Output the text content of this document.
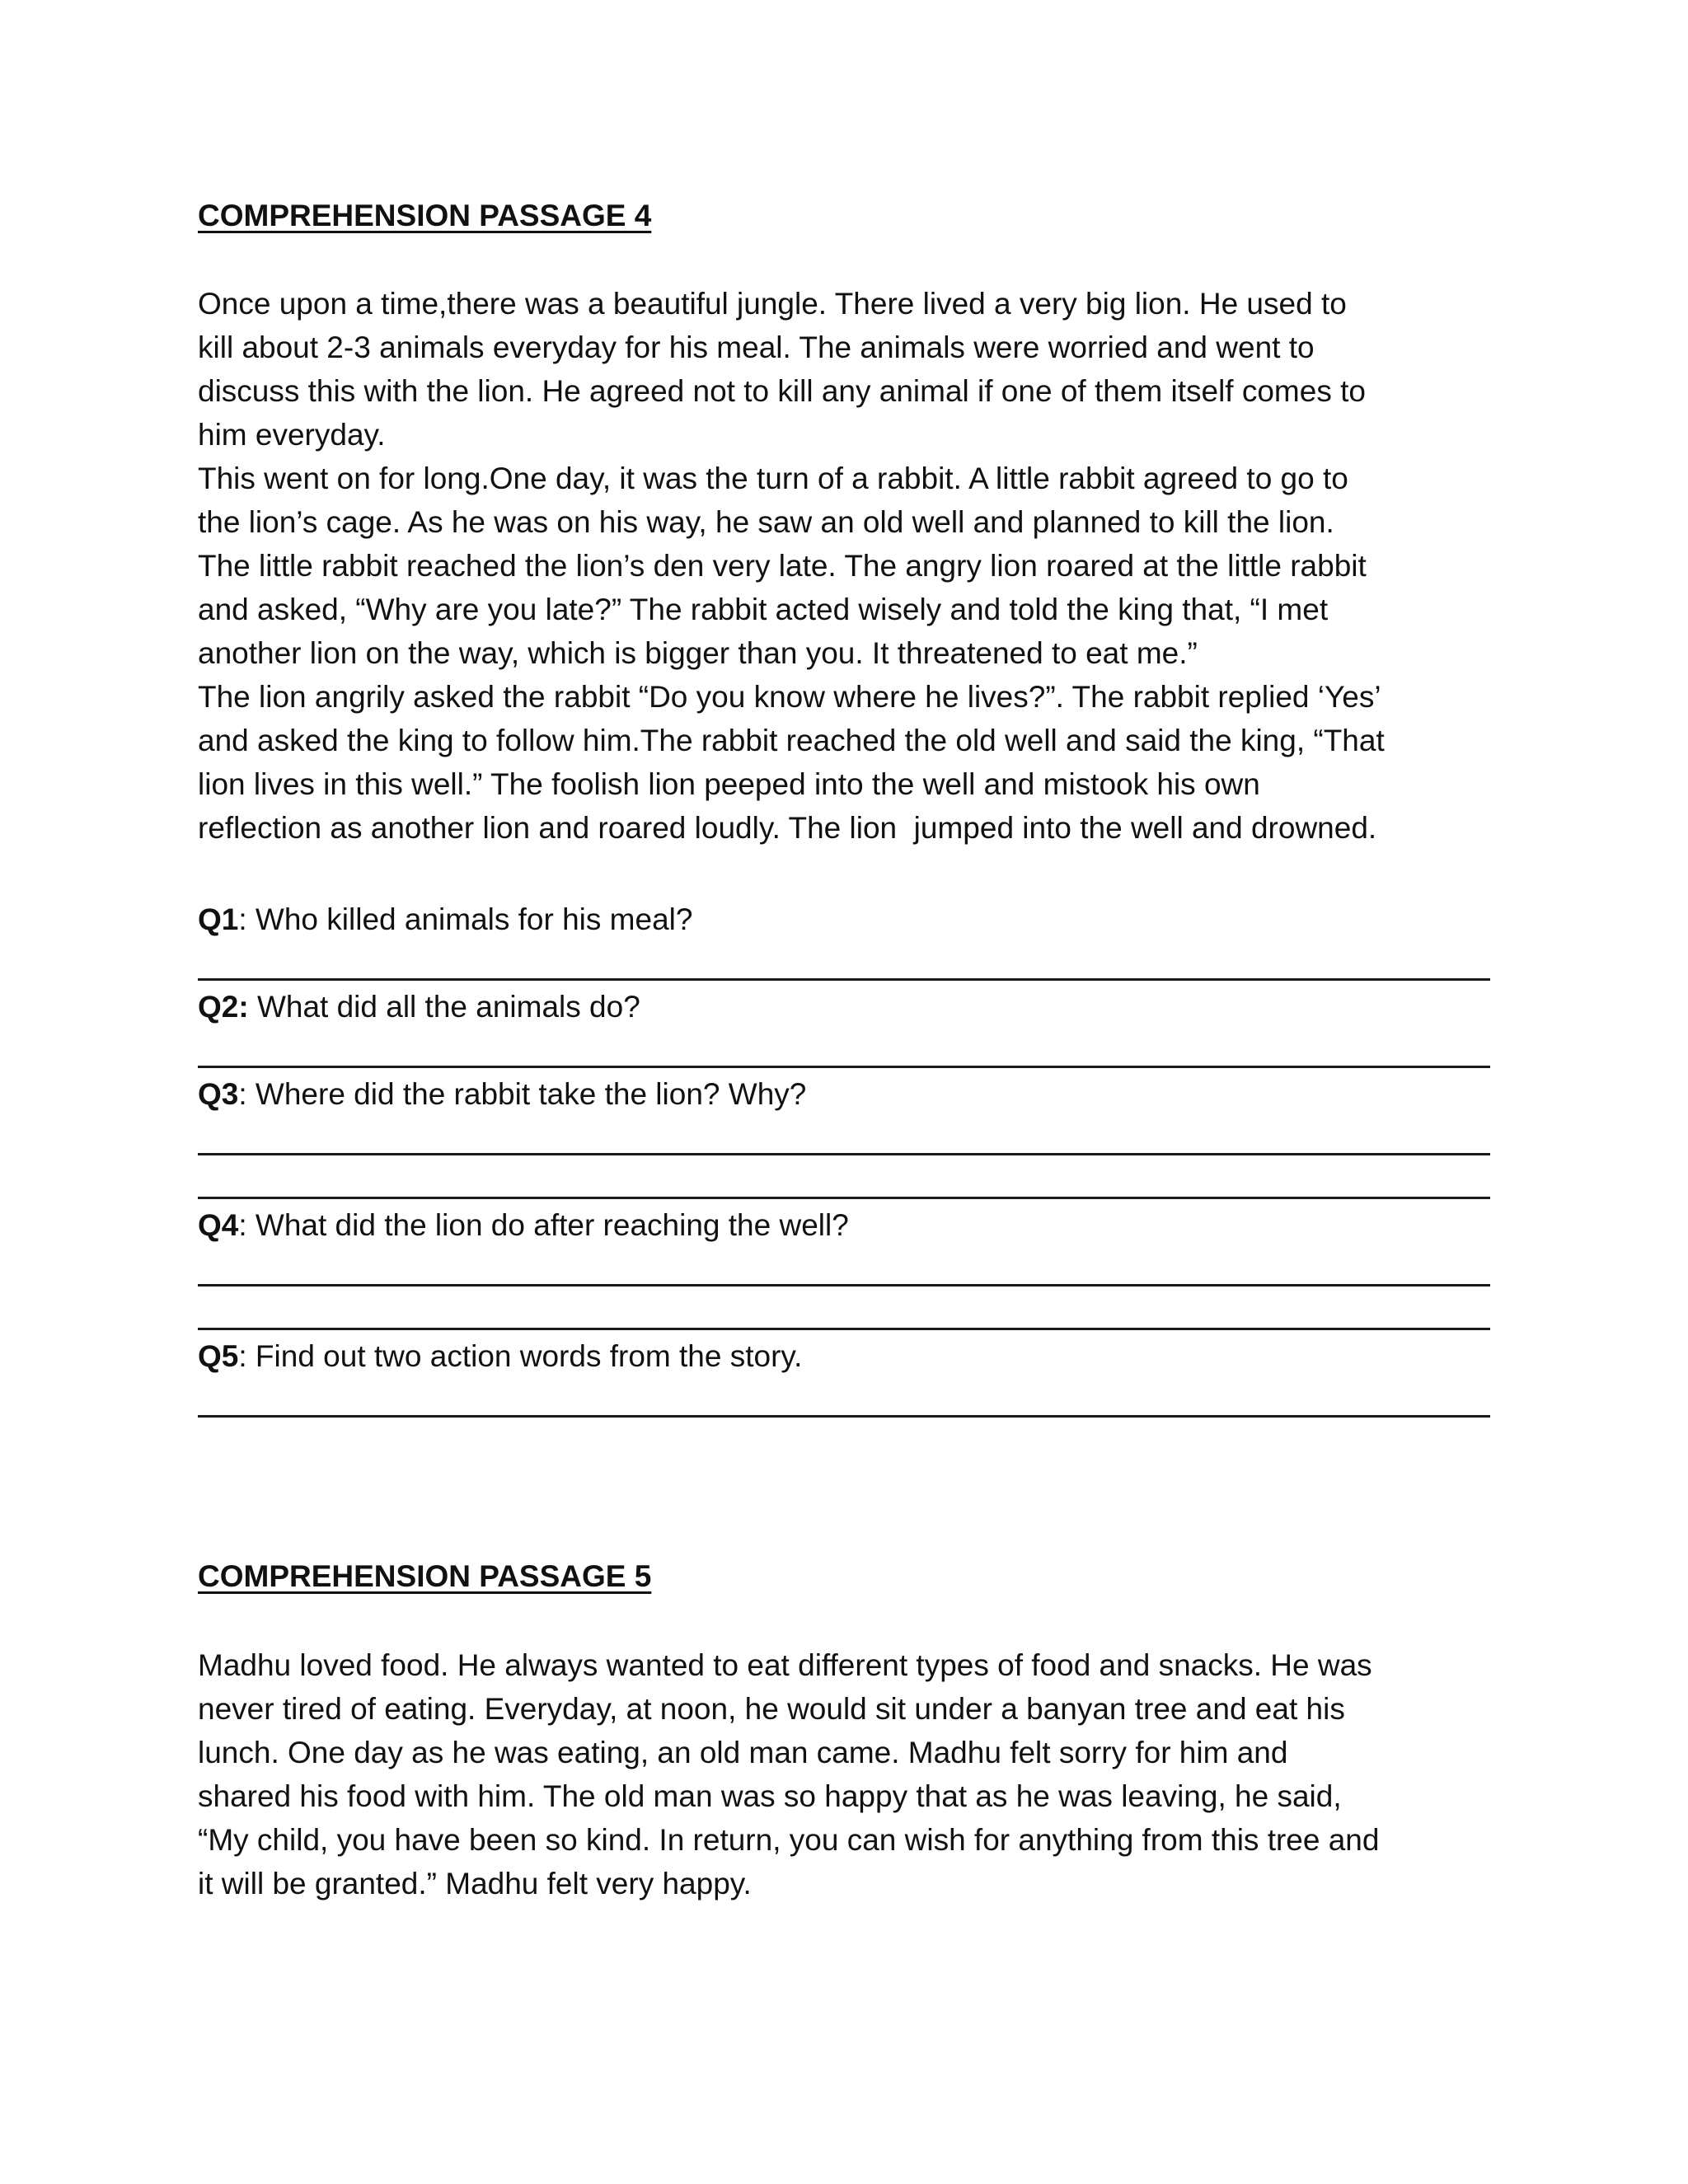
COMPREHENSION PASSAGE 4
Once upon a time,there was a beautiful jungle. There lived a very big lion. He used to
kill about 2-3 animals everyday for his meal. The animals were worried and went to
discuss this with the lion. He agreed not to kill any animal if one of them itself comes to
him everyday.
This went on for long.One day, it was the turn of a rabbit. A little rabbit agreed to go to
the lion’s cage. As he was on his way, he saw an old well and planned to kill the lion.
The little rabbit reached the lion’s den very late. The angry lion roared at the little rabbit
and asked, “Why are you late?” The rabbit acted wisely and told the king that, “I met
another lion on the way, which is bigger than you. It threatened to eat me.”
The lion angrily asked the rabbit “Do you know where he lives?”. The rabbit replied ‘Yes’
and asked the king to follow him.The rabbit reached the old well and said the king, “That
lion lives in this well.” The foolish lion peeped into the well and mistook his own
reflection as another lion and roared loudly. The lion  jumped into the well and drowned.
Q1: Who killed animals for his meal?
Q2: What did all the animals do?
Q3: Where did the rabbit take the lion? Why?
Q4: What did the lion do after reaching the well?
Q5: Find out two action words from the story.
COMPREHENSION PASSAGE 5
Madhu loved food. He always wanted to eat different types of food and snacks. He was
never tired of eating. Everyday, at noon, he would sit under a banyan tree and eat his
lunch. One day as he was eating, an old man came. Madhu felt sorry for him and
shared his food with him. The old man was so happy that as he was leaving, he said,
“My child, you have been so kind. In return, you can wish for anything from this tree and
it will be granted.” Madhu felt very happy.
